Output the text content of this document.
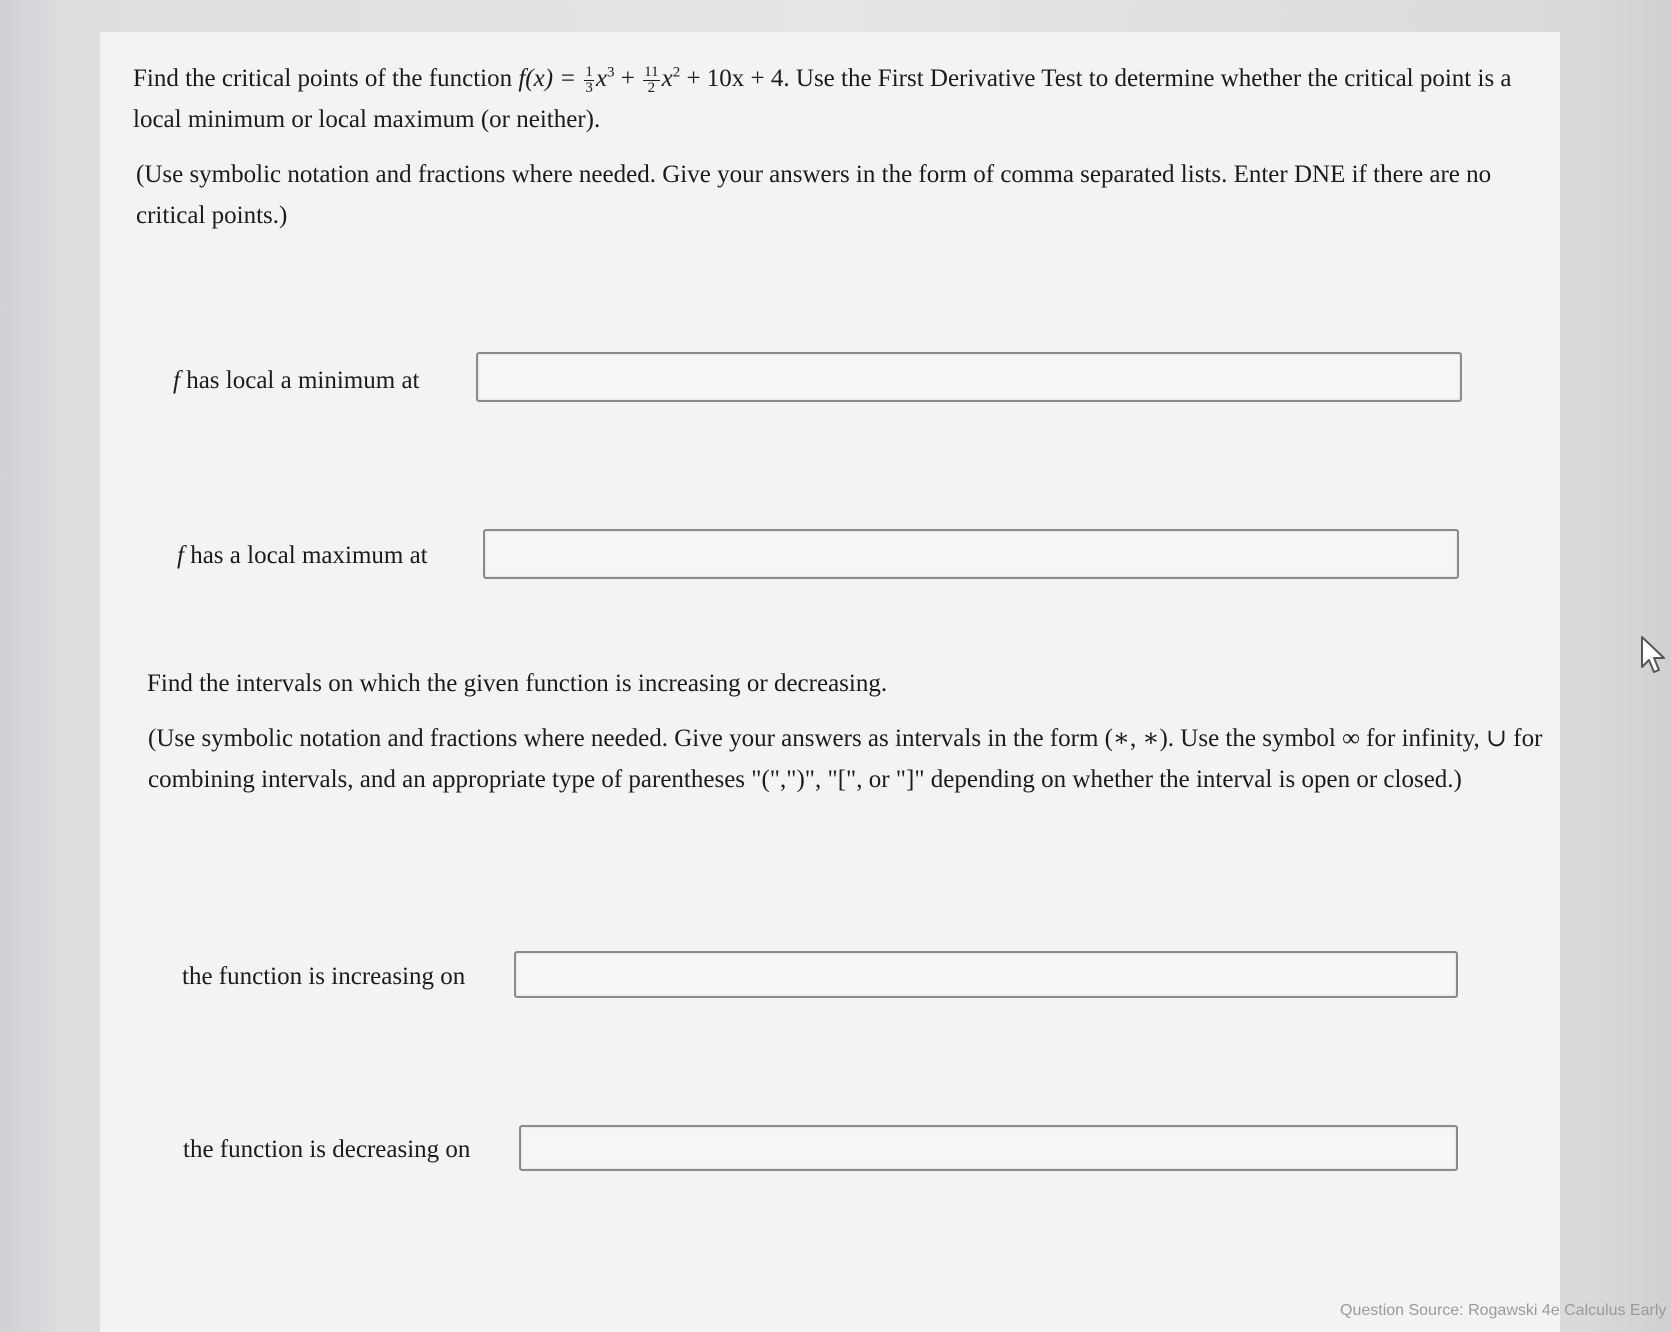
Find the critical points of the function $f(x) = \frac{1}{3} x^3 + \frac{11}{2} x^2 + 10x + 4$. Use the First Derivative Test to determine whether the critical point is a local minimum or local maximum (or neither).
(Use symbolic notation and fractions where needed. Give your answers in the form of comma separated lists. Enter DNE if there are no critical points.)
f has local a minimum at
f has a local maximum at
Find the intervals on which the given function is increasing or decreasing.
(Use symbolic notation and fractions where needed. Give your answers as intervals in the form (∗, ∗). Use the symbol ∞ for infinity, ∪ for combining intervals, and an appropriate type of parentheses "(",")", "[", or "]" depending on whether the interval is open or closed.)
the function is increasing on
the function is decreasing on
Question Source: Rogawski 4e Calculus Early
